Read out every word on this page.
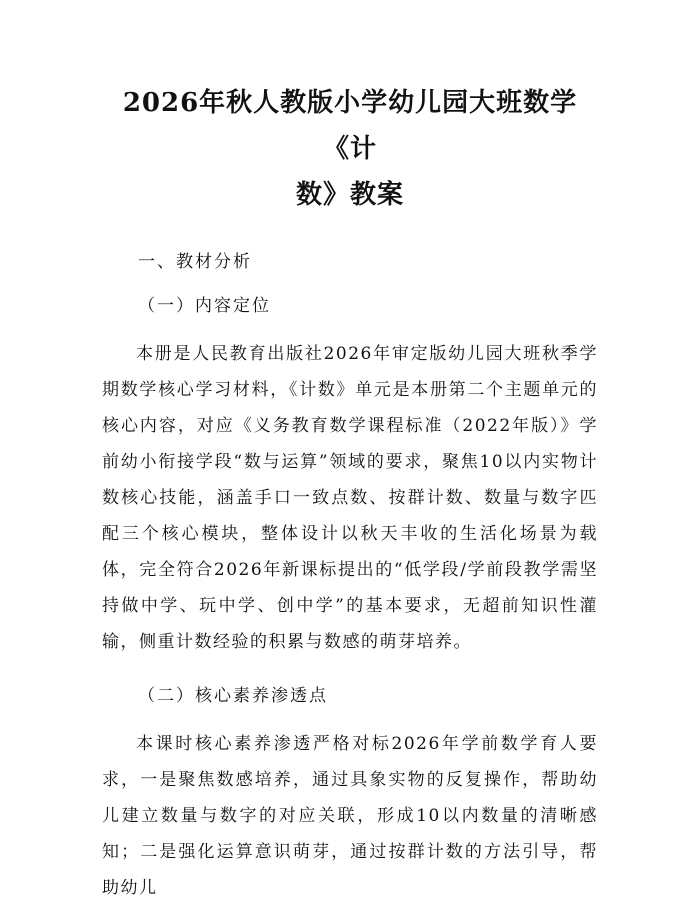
2026年秋人教版小学幼儿园大班数学《计
数》教案

一、教材分析

（一）内容定位

本册是人民教育出版社2026年审定版幼儿园大班秋季学期数学核心学习材料，《计数》单元是本册第二个主题单元的核心内容，对应《义务教育数学课程标准（2022年版）》学前幼小衔接学段“数与运算”领域的要求，聚焦10以内实物计数核心技能，涵盖手口一致点数、按群计数、数量与数字匹配三个核心模块，整体设计以秋天丰收的生活化场景为载体，完全符合2026年新课标提出的“低学段/学前段教学需坚持做中学、玩中学、创中学”的基本要求，无超前知识性灌输，侧重计数经验的积累与数感的萌芽培养。

（二）核心素养渗透点

本课时核心素养渗透严格对标2026年学前数学育人要求，一是聚焦数感培养，通过具象实物的反复操作，帮助幼儿建立数量与数字的对应关联，形成10以内数量的清晰感知；二是强化运算意识萌芽，通过按群计数的方法引导，帮助幼儿
